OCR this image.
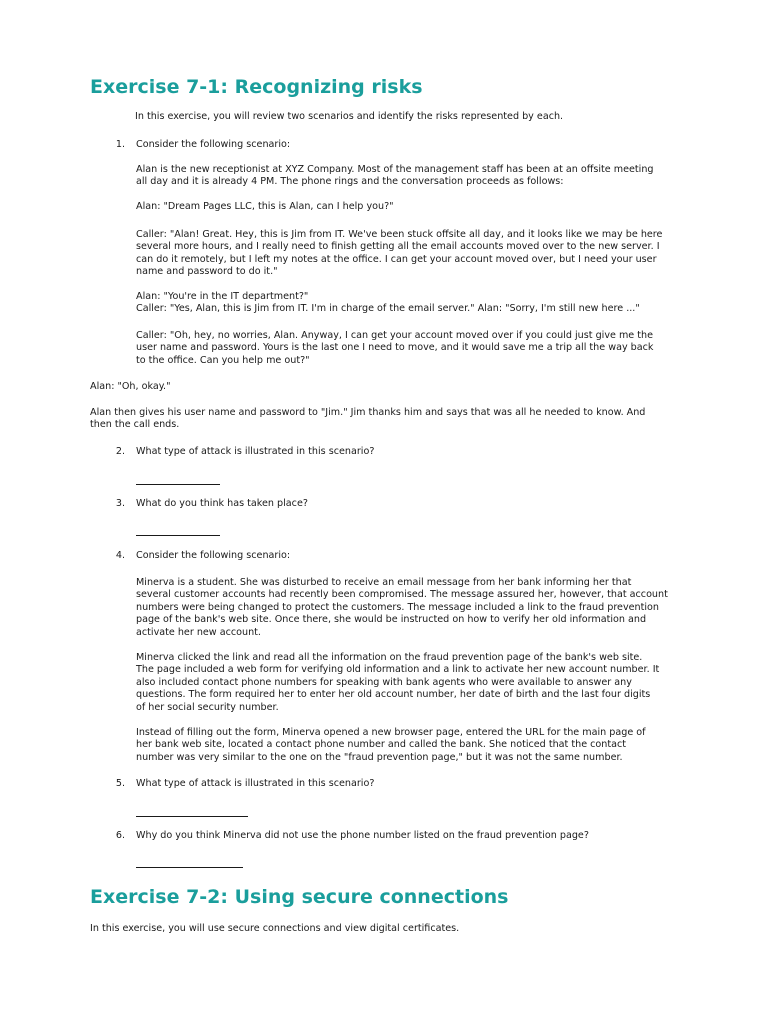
Exercise 7-1: Recognizing risks

In this exercise, you will review two scenarios and identify the risks represented by each.

1. Consider the following scenario:

Alan is the new receptionist at XYZ Company. Most of the management staff has been at an offsite meeting
all day and it is already 4 PM. The phone rings and the conversation proceeds as follows:

Alan: "Dream Pages LLC, this is Alan, can I help you?"

Caller: "Alan! Great. Hey, this is Jim from IT. We've been stuck offsite all day, and it looks like we may be here
several more hours, and I really need to finish getting all the email accounts moved over to the new server. I
can do it remotely, but I left my notes at the office. I can get your account moved over, but I need your user
name and password to do it."

Alan: "You're in the IT department?"
Caller: "Yes, Alan, this is Jim from IT. I'm in charge of the email server." Alan: "Sorry, I'm still new here ..."

Caller: "Oh, hey, no worries, Alan. Anyway, I can get your account moved over if you could just give me the
user name and password. Yours is the last one I need to move, and it would save me a trip all the way back
to the office. Can you help me out?"

Alan: "Oh, okay."

Alan then gives his user name and password to "Jim." Jim thanks him and says that was all he needed to know. And
then the call ends.

2. What type of attack is illustrated in this scenario?

3. What do you think has taken place?

4. Consider the following scenario:

Minerva is a student. She was disturbed to receive an email message from her bank informing her that
several customer accounts had recently been compromised. The message assured her, however, that account
numbers were being changed to protect the customers. The message included a link to the fraud prevention
page of the bank's web site. Once there, she would be instructed on how to verify her old information and
activate her new account.

Minerva clicked the link and read all the information on the fraud prevention page of the bank's web site.
The page included a web form for verifying old information and a link to activate her new account number. It
also included contact phone numbers for speaking with bank agents who were available to answer any
questions. The form required her to enter her old account number, her date of birth and the last four digits
of her social security number.

Instead of filling out the form, Minerva opened a new browser page, entered the URL for the main page of
her bank web site, located a contact phone number and called the bank. She noticed that the contact
number was very similar to the one on the "fraud prevention page," but it was not the same number.

5. What type of attack is illustrated in this scenario?

6. Why do you think Minerva did not use the phone number listed on the fraud prevention page?

Exercise 7-2: Using secure connections

In this exercise, you will use secure connections and view digital certificates.
